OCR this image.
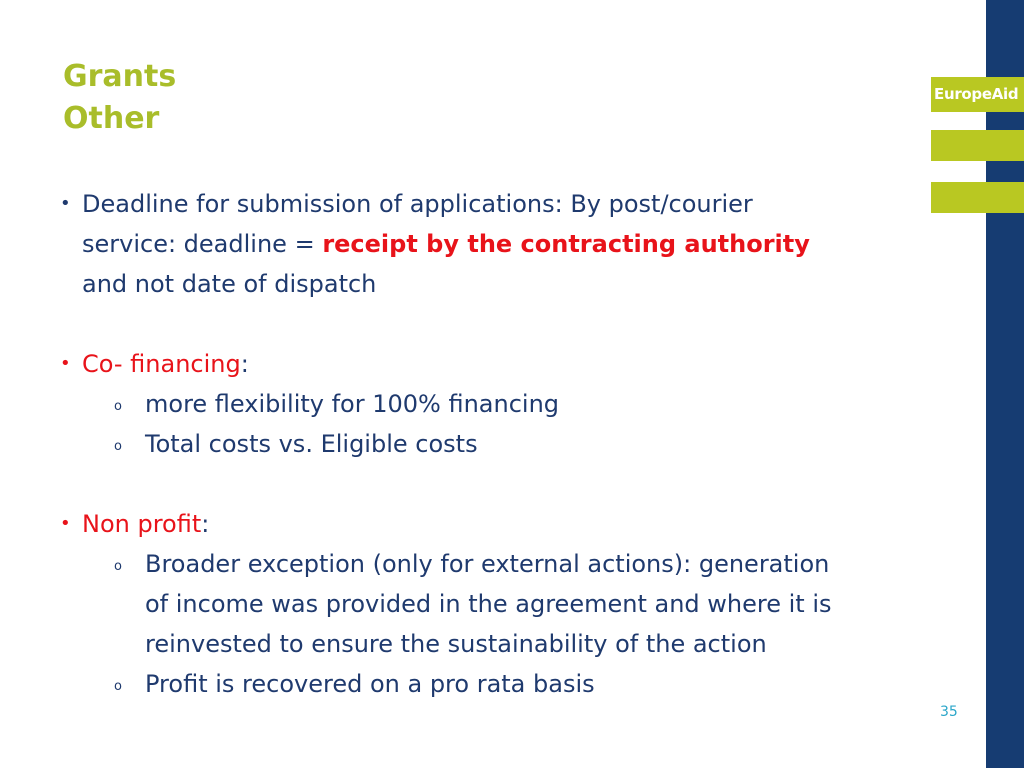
EuropeAid
Grants
Other
• Deadline for submission of applications: By post/courier
service: deadline = receipt by the contracting authority
and not date of dispatch
• Co- financing:
o more flexibility for 100% financing
o Total costs vs. Eligible costs
• Non profit:
o Broader exception (only for external actions): generation
of income was provided in the agreement and where it is
reinvested to ensure the sustainability of the action
o Profit is recovered on a pro rata basis
35
